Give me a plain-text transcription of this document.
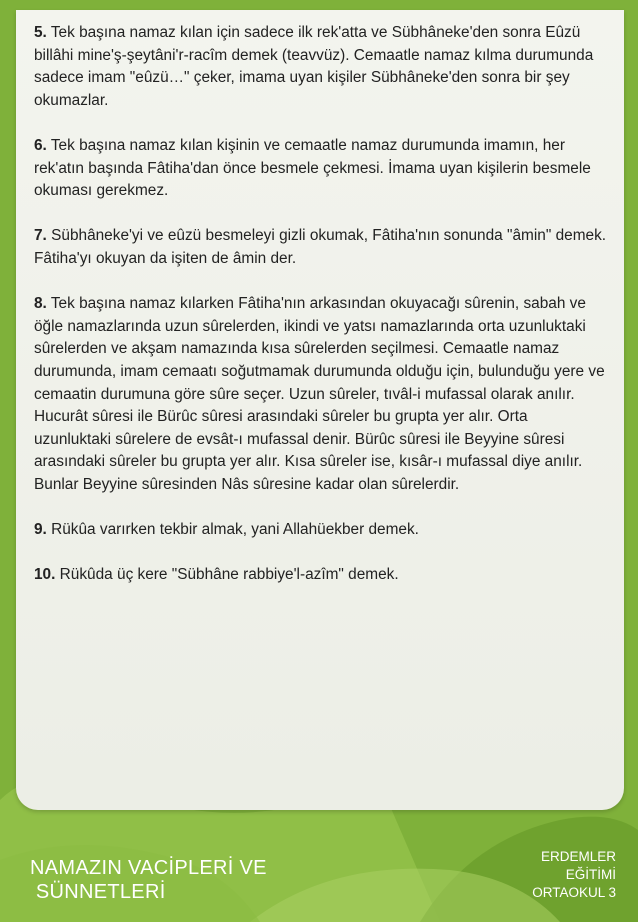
5. Tek başına namaz kılan için sadece ilk rek'atta ve Sübhâneke'den sonra Eûzü billâhi mine'ş-şeytâni'r-racîm demek (teavvüz). Cemaatle namaz kılma durumunda sadece imam "eûzü…" çeker, imama uyan kişiler Sübhâneke'den sonra bir şey okumazlar.

6. Tek başına namaz kılan kişinin ve cemaatle namaz durumunda imamın, her rek'atın başında Fâtiha'dan önce besmele çekmesi. İmama uyan kişilerin besmele okuması gerekmez.

7. Sübhâneke'yi ve eûzü besmeleyi gizli okumak, Fâtiha'nın sonunda "âmin" demek. Fâtiha'yı okuyan da işiten de âmin der.

8. Tek başına namaz kılarken Fâtiha'nın arkasından okuyacağı sûrenin, sabah ve öğle namazlarında uzun sûrelerden, ikindi ve yatsı namazlarında orta uzunluktaki sûrelerden ve akşam namazında kısa sûrelerden seçilmesi. Cemaatle namaz durumunda, imam cemaatı soğutmamak durumunda olduğu için, bulunduğu yere ve cemaatin durumuna göre sûre seçer. Uzun sûreler, tıvâl-i mufassal olarak anılır. Hucurât sûresi ile Bürûc sûresi arasındaki sûreler bu grupta yer alır. Orta uzunluktaki sûrelere de evsât-ı mufassal denir. Bürûc sûresi ile Beyyine sûresi arasındaki sûreler bu grupta yer alır. Kısa sûreler ise, kısâr-ı mufassal diye anılır. Bunlar Beyyine sûresinden Nâs sûresine kadar olan sûrelerdir.

9. Rükûa varırken tekbir almak, yani Allahüekber demek.

10. Rükûda üç kere "Sübhâne rabbiye'l-azîm" demek.

NAMAZIN VACİPLERİ VE
SÜNNETLERİ
ERDEMLER
EĞİTİMİ
ORTAOKUL 3
